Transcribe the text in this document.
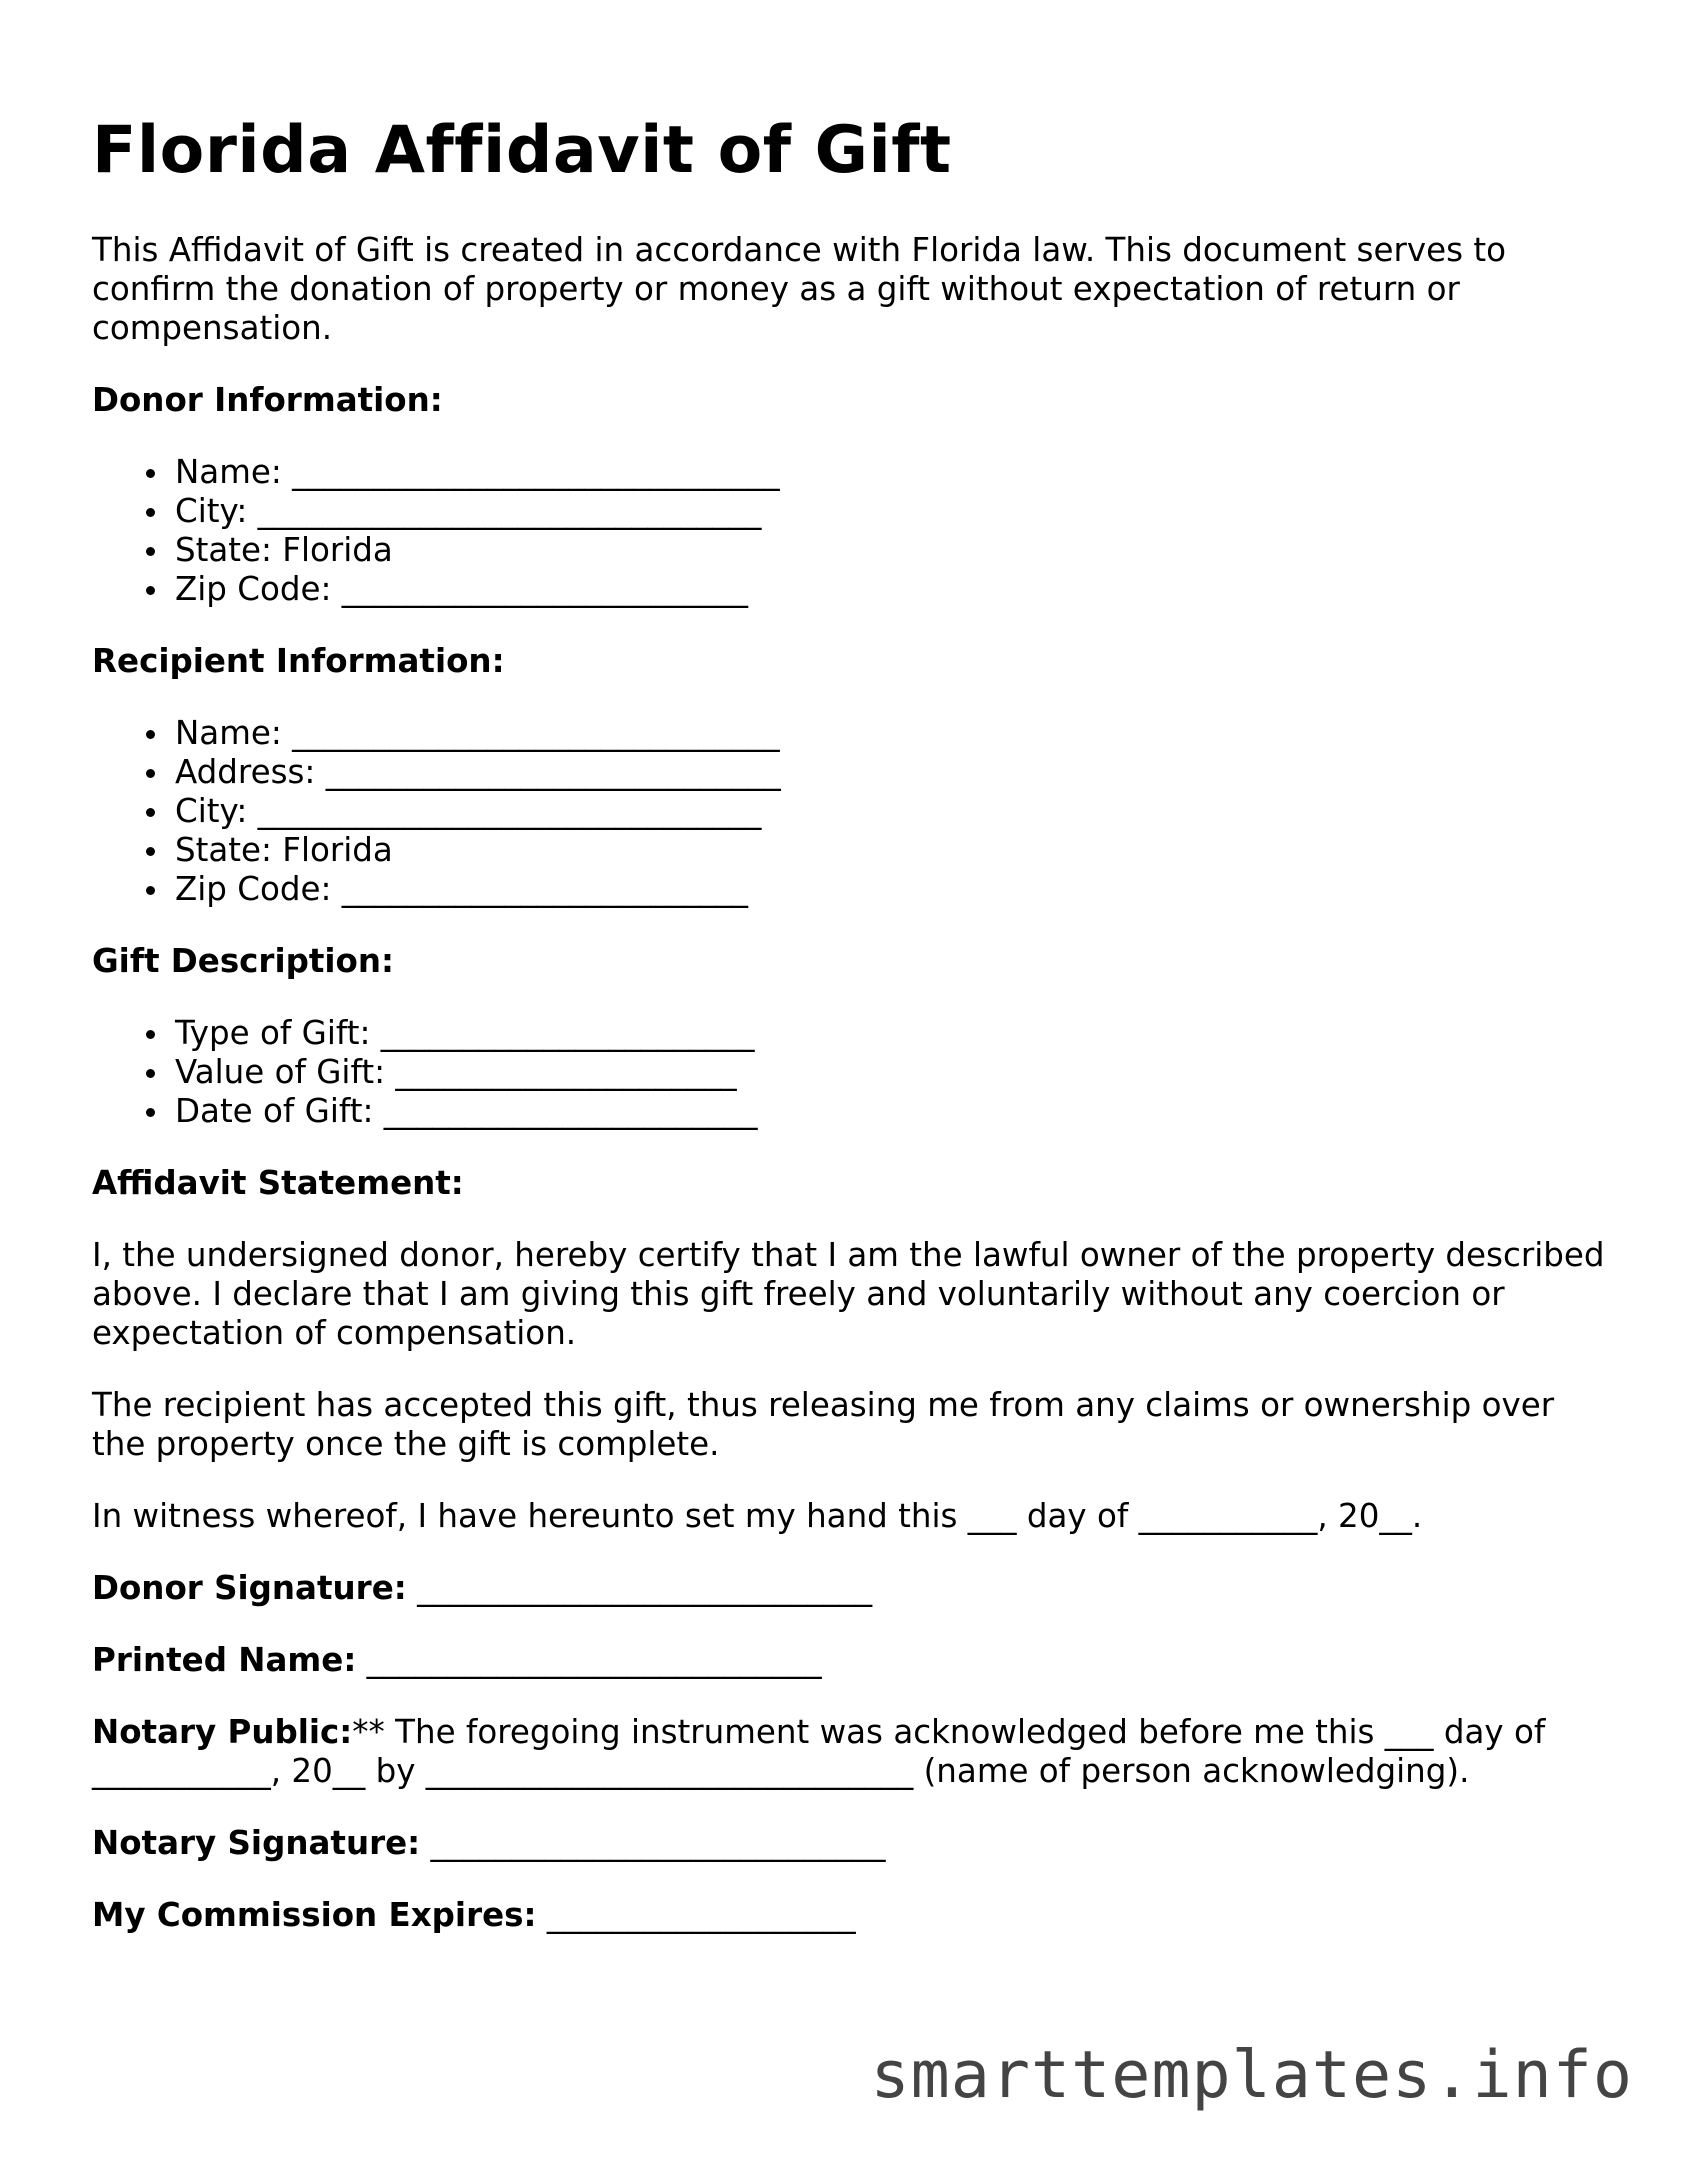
Florida Affidavit of Gift

This Affidavit of Gift is created in accordance with Florida law. This document serves to confirm the donation of property or money as a gift without expectation of return or compensation.

Donor Information:
Name: ______________________________
City: _______________________________
State: Florida
Zip Code: _________________________
Recipient Information:
Name: ______________________________
Address: ____________________________
City: _______________________________
State: Florida
Zip Code: _________________________
Gift Description:
Type of Gift: _______________________
Value of Gift: _____________________
Date of Gift: _______________________
Affidavit Statement:

I, the undersigned donor, hereby certify that I am the lawful owner of the property described above. I declare that I am giving this gift freely and voluntarily without any coercion or expectation of compensation.

The recipient has accepted this gift, thus releasing me from any claims or ownership over the property once the gift is complete.

In witness whereof, I have hereunto set my hand this ___ day of ___________, 20__.

Donor Signature: ____________________________

Printed Name: ____________________________

Notary Public:** The foregoing instrument was acknowledged before me this ___ day of ___________, 20__ by ______________________________ (name of person acknowledging).

Notary Signature: ____________________________

My Commission Expires: ___________________

smarttemplates.info
